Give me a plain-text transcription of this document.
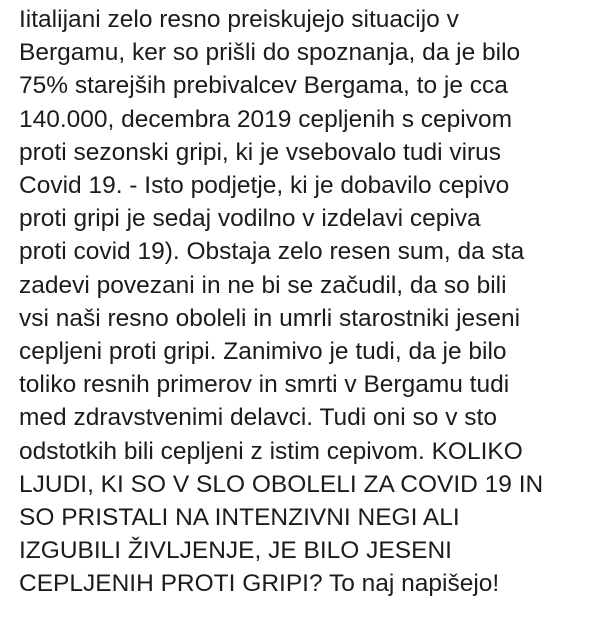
Iitalijani zelo resno preiskujejo situacijo v
Bergamu, ker so prišli do spoznanja, da je bilo
75% starejših prebivalcev Bergama, to je cca
140.000, decembra 2019 cepljenih s cepivom
proti sezonski gripi, ki je vsebovalo tudi virus
Covid 19. - Isto podjetje, ki je dobavilo cepivo
proti gripi je sedaj vodilno v izdelavi cepiva
proti covid 19). Obstaja zelo resen sum, da sta
zadevi povezani in ne bi se začudil, da so bili
vsi naši resno oboleli in umrli starostniki jeseni
cepljeni proti gripi. Zanimivo je tudi, da je bilo
toliko resnih primerov in smrti v Bergamu tudi
med zdravstvenimi delavci. Tudi oni so v sto
odstotkih bili cepljeni z istim cepivom. KOLIKO
LJUDI, KI SO V SLO OBOLELI ZA COVID 19 IN
SO PRISTALI NA INTENZIVNI NEGI ALI
IZGUBILI ŽIVLJENJE, JE BILO JESENI
CEPLJENIH PROTI GRIPI? To naj napišejo!
